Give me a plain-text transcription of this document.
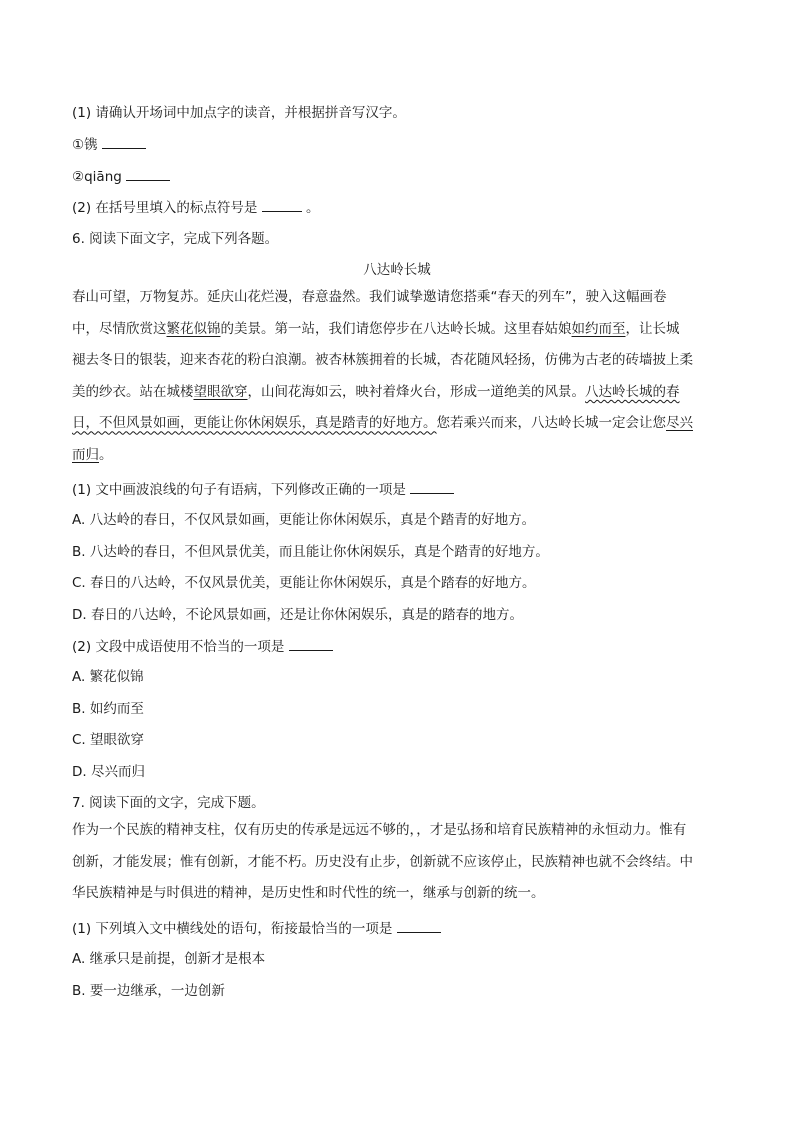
(1) 请确认开场词中加点字的读音，并根据拼音写汉字。
①镌
②qiāng
(2) 在括号里填入的标点符号是	。
6. 阅读下面文字，完成下列各题。
八达岭长城
春山可望，万物复苏。延庆山花烂漫，春意盎然。我们诚挚邀请您搭乘“春天的列车”，驶入这幅画卷
中，尽情欣赏这繁花似锦的美景。第一站，我们请您停步在八达岭长城。这里春姑娘如约而至，让长城
褪去冬日的银装，迎来杏花的粉白浪潮。被杏林簇拥着的长城，杏花随风轻扬，仿佛为古老的砖墙披上柔
美的纱衣。站在城楼望眼欲穿，山间花海如云，映衬着烽火台，形成一道绝美的风景。八达岭长城的春
日，不但风景如画，更能让你休闲娱乐，真是踏青的好地方。您若乘兴而来，八达岭长城一定会让您尽兴
而归。
(1) 文中画波浪线的句子有语病，下列修改正确的一项是
A. 八达岭的春日，不仅风景如画，更能让你休闲娱乐，真是个踏青的好地方。
B. 八达岭的春日，不但风景优美，而且能让你休闲娱乐，真是个踏青的好地方。
C. 春日的八达岭，不仅风景优美，更能让你休闲娱乐，真是个踏春的好地方。
D. 春日的八达岭，不论风景如画，还是让你休闲娱乐，真是的踏春的地方。
(2) 文段中成语使用不恰当的一项是
A. 繁花似锦
B. 如约而至
C. 望眼欲穿
D. 尽兴而归
7. 阅读下面的文字，完成下题。
作为一个民族的精神支柱，仅有历史的传承是远远不够的，，才是弘扬和培育民族精神的永恒动力。惟有
创新，才能发展；惟有创新，才能不朽。历史没有止步，创新就不应该停止，民族精神也就不会终结。中
华民族精神是与时俱进的精神，是历史性和时代性的统一，继承与创新的统一。
(1) 下列填入文中横线处的语句，衔接最恰当的一项是
A. 继承只是前提，创新才是根本
B. 要一边继承，一边创新
